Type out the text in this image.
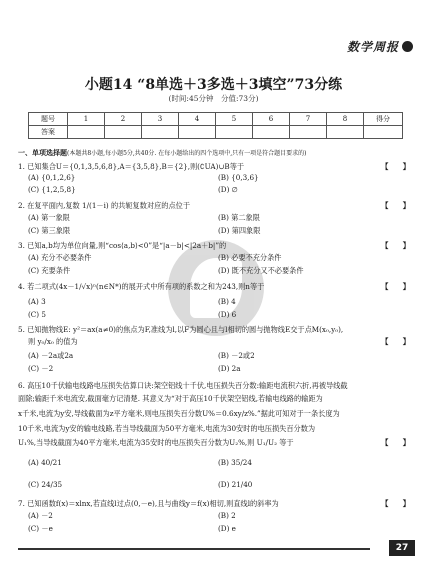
数学周报
小题14 “8单选＋3多选＋3填空”73分练
(时间:45分钟　分值:73分)
题号	1	2	3	4	5	6	7	8	得分
答案									
一、单项选择题(本题共8小题,每小题5分,共40分. 在每小题给出的四个选项中,只有一项是符合题目要求的)
1. 已知集合U＝{0,1,3,5,6,8},A＝{3,5,8},B＝{2},则(∁UA)∪B等于	【　　】
(A) {0,1,2,6}	(B) {0,3,6}
(C) {1,2,5,8}	(D) ∅
2. 在复平面内,复数 1/(1－i) 的共轭复数对应的点位于	【　　】
(A) 第一象限	(B) 第二象限
(C) 第三象限	(D) 第四象限
3. 已知a,b均为单位向量,则“cos⟨a,b⟩<0”是“|a－b|<|2a＋b|”的	【　　】
(A) 充分不必要条件	(B) 必要不充分条件
(C) 充要条件	(D) 既不充分又不必要条件
4. 若二项式(4x－1/√x)ⁿ(n∈N*)的展开式中所有项的系数之和为243,则n等于	【　　】
(A) 3	(B) 4
(C) 5	(D) 6
5. 已知抛物线E: y²＝ax(a≠0)的焦点为F,准线为l,以F为圆心且与l相切的圆与抛物线E交于点M(x₀,y₀),
则 y₀/x₀ 的值为	【　　】
(A) －2a或2a	(B) －2或2
(C) －2	(D) 2a
6. 高压10千伏输电线路电压损失估算口诀:架空铝线十千伏,电压损失百分数:输距电流积六折,再被导线截
面除;输距千米电流安,截面毫方记清楚. 其意义为“对于高压10千伏架空铝线,若输电线路的输距为
x千米,电流为y安,导线截面为z平方毫米,则电压损失百分数U%＝0.6xy/z%.”据此可知对于一条长度为
10千米,电流为y安的输电线路,若当导线截面为50平方毫米,电流为30安时的电压损失百分数为
U₁%,当导线截面为40平方毫米,电流为35安时的电压损失百分数为U₂%,则 U₁/U₂ 等于	【　　】
(A) 40/21	(B) 35/24
(C) 24/35	(D) 21/40
7. 已知函数f(x)＝xlnx,若直线l过点(0,－e),且与曲线y＝f(x)相切,则直线l的斜率为	【　　】
(A) －2	(B) 2
(C) －e	(D) e
27
